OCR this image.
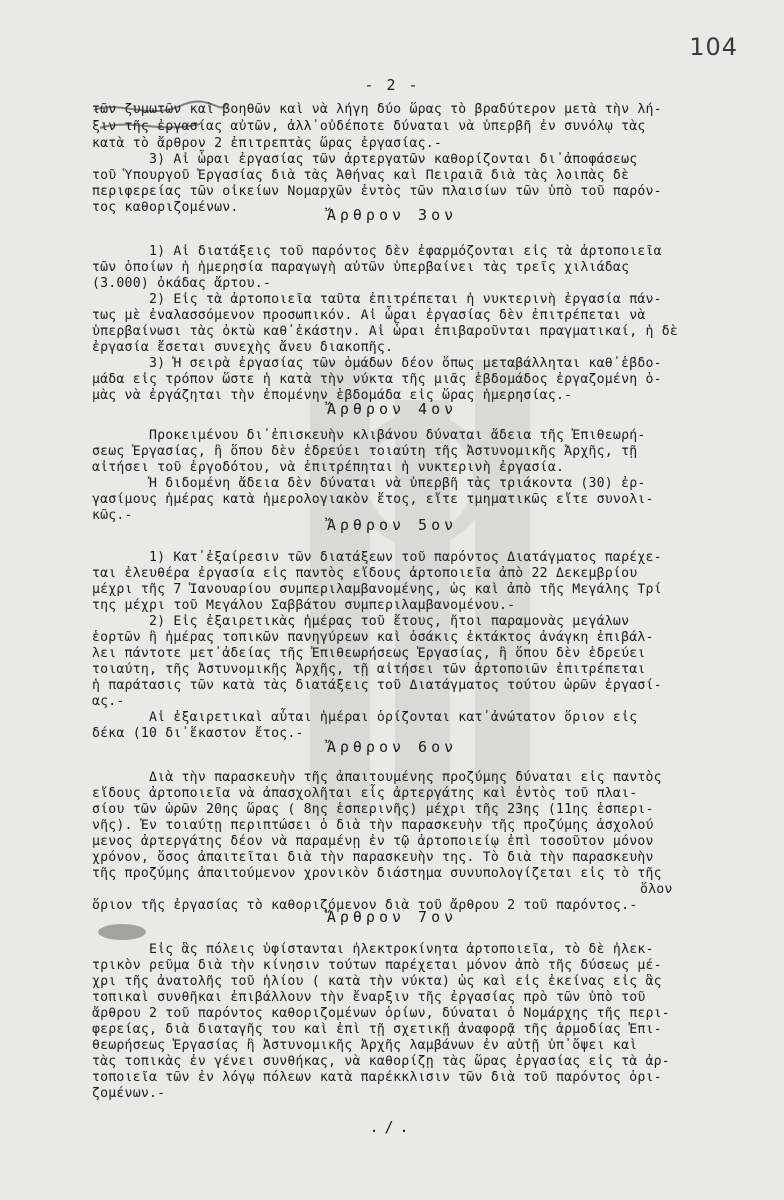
104
- 2 -
τῶν ζυμωτῶν καὶ βοηθῶν καὶ νὰ λήγη δύο ὥρας τὸ βραδύτερον μετὰ τὴν λή-
ξιν τῆς ἐργασίας αὐτῶν, ἀλλ᾽οὐδέποτε δύναται νὰ ὑπερβῆ ἐν συνόλῳ τὰς
κατὰ τὸ ἄρθρον 2 ἐπιτρεπτὰς ὥρας ἐργασίας.-
3) Αἱ ὧραι ἐργασίας τῶν ἀρτεργατῶν καθορίζονται δι᾽ἀποφάσεως
τοῦ Ὑπουργοῦ Ἐργασίας διὰ τὰς Ἀθήνας καὶ Πειραιᾶ διὰ τὰς λοιπὰς δὲ
περιφερείας τῶν οἰκείων Νομαρχῶν ἐντὸς τῶν πλαισίων τῶν ὑπὸ τοῦ παρόν-
τος καθοριζομένων.
1) Αἱ διατάξεις τοῦ παρόντος δὲν ἐφαρμόζονται εἰς τὰ ἀρτοποιεῖα
τῶν ὁποίων ἡ ἡμερησία παραγωγὴ αὐτῶν ὑπερβαίνει τὰς τρεῖς χιλιάδας
(3.000) ὀκάδας ἄρτου.-
2) Εἰς τὰ ἀρτοποιεῖα ταῦτα ἐπιτρέπεται ἡ νυκτερινὴ ἐργασία πάν-
τως μὲ ἐναλασσόμενον προσωπικόν. Αἱ ὧραι ἐργασίας δὲν ἐπιτρέπεται νὰ
ὑπερβαίνωσι τὰς ὀκτὼ καθ᾽ἑκάστην. Αἱ ὧραι ἐπιβαροῦνται πραγματικαί, ἡ δὲ
ἐργασία ἔσεται συνεχὴς ἄνευ διακοπῆς.
3) Ἡ σειρὰ ἐργασίας τῶν ὁμάδων δέον ὅπως μεταβάλληται καθ᾽ἑβδο-
μάδα εἰς τρόπον ὥστε ἡ κατὰ τὴν νύκτα τῆς μιᾶς ἑβδομάδος ἐργαζομένη ὁ-
μὰς νὰ ἐργάζηται τὴν ἐπομένην ἑβδομάδα εἰς ὥρας ἡμερησίας.-
Προκειμένου δι᾽ἐπισκευὴν κλιβάνου δύναται ἄδεια τῆς Ἐπιθεωρή-
σεως Ἐργασίας, ἢ ὅπου δὲν ἑδρεύει τοιαύτη τῆς Ἀστυνομικῆς Ἀρχῆς, τῇ
αἰτήσει τοῦ ἐργοδότου, νὰ ἐπιτρέπηται ἡ νυκτερινὴ ἐργασία.
Ἡ διδομένη ἄδεια δὲν δύναται νὰ ὑπερβῆ τὰς τριάκοντα (30) ἐρ-
γασίμους ἡμέρας κατὰ ἡμερολογιακὸν ἔτος, εἴτε τμηματικῶς εἴτε συνολι-
κῶς.-
1) Κατ᾽ἐξαίρεσιν τῶν διατάξεων τοῦ παρόντος Διατάγματος παρέχε-
ται ἐλευθέρα ἐργασία εἰς παντὸς εἴδους ἀρτοποιεῖα ἀπὸ 22 Δεκεμβρίου
μέχρι τῆς 7 Ἰανουαρίου συμπεριλαμβανομένης, ὡς καὶ ἀπὸ τῆς Μεγάλης Τρί
της μέχρι τοῦ Μεγάλου Σαββάτου συμπεριλαμβανομένου.-
2) Εἰς ἐξαιρετικὰς ἡμέρας τοῦ ἔτους, ἤτοι παραμονὰς μεγάλων
ἑορτῶν ἢ ἡμέρας τοπικῶν πανηγύρεων καὶ ὁσάκις ἐκτάκτος ἀνάγκη ἐπιβάλ-
λει πάντοτε μετ᾽ἀδείας τῆς Ἐπιθεωρήσεως Ἐργασίας, ἢ ὅπου δὲν ἑδρεύει
τοιαύτη, τῆς Ἀστυνομικῆς Ἀρχῆς, τῇ αἰτήσει τῶν ἀρτοποιῶν ἐπιτρέπεται
ἡ παράτασις τῶν κατὰ τὰς διατάξεις τοῦ Διατάγματος τούτου ὡρῶν ἐργασί-
ας.-
Αἱ ἐξαιρετικαὶ αὗται ἡμέραι ὁρίζονται κατ᾽ἀνώτατον ὅριον εἰς
δέκα (10 δι᾽ἕκαστον ἔτος.-
Διὰ τὴν παρασκευὴν τῆς ἀπαιτουμένης προζύμης δύναται εἰς παντὸς
εἴδους ἀρτοποιεῖα νὰ ἀπασχολῆται εἷς ἀρτεργάτης καὶ ἐντὸς τοῦ πλαι-
σίου τῶν ὡρῶν 20ης ὥρας ( 8ης ἑσπερινῆς) μέχρι τῆς 23ης (11ης ἑσπερι-
νῆς). Ἐν τοιαύτῃ περιπτώσει ὁ διὰ τὴν παρασκευὴν τῆς προζύμης ἀσχολού
μενος ἀρτεργάτης δέον νὰ παραμένῃ ἐν τῷ ἀρτοποιείῳ ἐπὶ τοσοῦτον μόνον
χρόνον, ὅσος ἀπαιτεῖται διὰ τὴν παρασκευὴν της. Τὸ διὰ τὴν παρασκευὴν
τῆς προζύμης ἀπαιτούμενον χρονικὸν διάστημα συνυπολογίζεται εἰς τὸ τῆς
ὅλον
ὅριον τῆς ἐργασίας τὸ καθοριζόμενον διὰ τοῦ ἄρθρου 2 τοῦ παρόντος.-
Εἰς ἃς πόλεις ὑφίστανται ἠλεκτροκίνητα ἀρτοποιεῖα, τὸ δὲ ἠλεκ-
τρικὸν ρεῦμα διὰ τὴν κίνησιν τούτων παρέχεται μόνον ἀπὸ τῆς δύσεως μέ-
χρι τῆς ἀνατολῆς τοῦ ἡλίου ( κατὰ τὴν νύκτα) ὡς καὶ εἰς ἐκείνας εἰς ἃς
τοπικαὶ συνθῆκαι ἐπιβάλλουν τὴν ἔναρξιν τῆς ἐργασίας πρὸ τῶν ὑπὸ τοῦ
ἄρθρου 2 τοῦ παρόντος καθοριζομένων ὁρίων, δύναται ὁ Νομάρχης τῆς περι-
φερείας, διὰ διαταγῆς του καὶ ἐπὶ τῇ σχετικῇ ἀναφορᾷ τῆς ἁρμοδίας Ἐπι-
θεωρήσεως Ἐργασίας ἢ Ἀστυνομικῆς Ἀρχῆς λαμβάνων ἐν αὐτῇ ὑπ᾽ὄψει καὶ
τὰς τοπικὰς ἐν γένει συνθήκας, νὰ καθορίζῃ τὰς ὥρας ἐργασίας εἰς τὰ ἀρ-
τοποιεῖα τῶν ἐν λόγῳ πόλεων κατὰ παρέκκλισιν τῶν διὰ τοῦ παρόντος ὁρι-
ζομένων.-
Ἄρθρον 3ον
Ἄρθρον 4ον
Ἄρθρον 5ον
Ἄρθρον 6ον
Ἄρθρον 7ον
./.
